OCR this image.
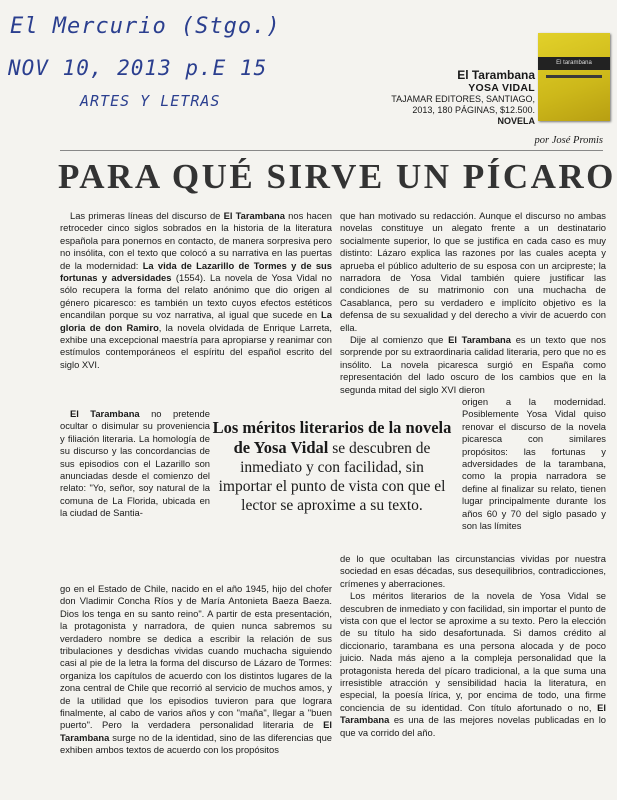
El Mercurio (Stgo.)
NOV 10, 2013 p.E 15
ARTES Y LETRAS
El tarambana
El Tarambana
YOSA VIDAL
TAJAMAR EDITORES, SANTIAGO,
2013, 180 PÁGINAS, $12.500.
NOVELA
por José Promis
PARA QUÉ SIRVE UN PÍCARO

Las primeras líneas del discurso de El Tarambana nos hacen retroceder cinco siglos sobrados en la historia de la literatura española para ponernos en contacto, de manera sorpresiva pero no insólita, con el texto que colocó a su narrativa en las puertas de la modernidad: La vida de Lazarillo de Tormes y de sus fortunas y adversidades (1554). La novela de Yosa Vidal no sólo recupera la forma del relato anónimo que dio origen al género picaresco: es también un texto cuyos efectos estéticos encandilan porque su voz narrativa, al igual que sucede en La gloria de don Ramiro, la novela olvidada de Enrique Larreta, exhibe una excepcional maestría para apropiarse y reanimar con estímulos contemporáneos el espíritu del español escrito del siglo XVI.

El Tarambana no pretende ocultar o disimular su proveniencia y filiación literaria. La homología de su discurso y las concordancias de sus episodios con el Lazarillo son anunciadas desde el comienzo del relato: "Yo, señor, soy natural de la comuna de La Florida, ubicada en la ciudad de Santia-

go en el Estado de Chile, nacido en el año 1945, hijo del chofer don Vladimir Concha Ríos y de María Antonieta Baeza Baeza. Dios los tenga en su santo reino". A partir de esta presentación, la protagonista y narradora, de quien nunca sabremos su verdadero nombre se dedica a escribir la relación de sus tribulaciones y desdichas vividas cuando muchacha siguiendo casi al pie de la letra la forma del discurso de Lázaro de Tormes: organiza los capítulos de acuerdo con los distintos lugares de la zona central de Chile que recorrió al servicio de muchos amos, y de la utilidad que los episodios tuvieron para que lograra finalmente, al cabo de varios años y con "maña", llegar a "buen puerto". Pero la verdadera personalidad literaria de El Tarambana surge no de la identidad, sino de las diferencias que exhiben ambos textos de acuerdo con los propósitos

que han motivado su redacción. Aunque el discurso no ambas novelas constituye un alegato frente a un destinatario socialmente superior, lo que se justifica en cada caso es muy distinto: Lázaro explica las razones por las cuales acepta y aprueba el público adulterio de su esposa con un arcipreste; la narradora de Yosa Vidal también quiere justificar las condiciones de su matrimonio con una muchacha de Casablanca, pero su verdadero e implícito objetivo es la defensa de su sexualidad y del derecho a vivir de acuerdo con ella.

Dije al comienzo que El Tarambana es un texto que nos sorprende por su extraordinaria calidad literaria, pero que no es insólito. La novela picaresca surgió en España como representación del lado oscuro de los cambios que en la segunda mitad del siglo XVI dieron

origen a la modernidad. Posiblemente Yosa Vidal quiso renovar el discurso de la novela picaresca con similares propósitos: las fortunas y adversidades de la tarambana, como la propia narradora se define al finalizar su relato, tienen lugar principalmente durante los años 60 y 70 del siglo pasado y son las límites

de lo que ocultaban las circunstancias vividas por nuestra sociedad en esas décadas, sus desequilibrios, contradicciones, crímenes y aberraciones.

Los méritos literarios de la novela de Yosa Vidal se descubren de inmediato y con facilidad, sin importar el punto de vista con que el lector se aproxime a su texto. Pero la elección de su título ha sido desafortunada. Si damos crédito al diccionario, tarambana es una persona alocada y de poco juicio. Nada más ajeno a la compleja personalidad que la protagonista hereda del pícaro tradicional, a la que suma una irresistible atracción y sensibilidad hacia la literatura, en especial, la poesía lírica, y, por encima de todo, una firme conciencia de su identidad. Con título afortunado o no, El Tarambana es una de las mejores novelas publicadas en lo que va corrido del año.

Los méritos literarios de la novela de Yosa Vidal se descubren de inmediato y con facilidad, sin importar el punto de vista con que el lector se aproxime a su texto.
